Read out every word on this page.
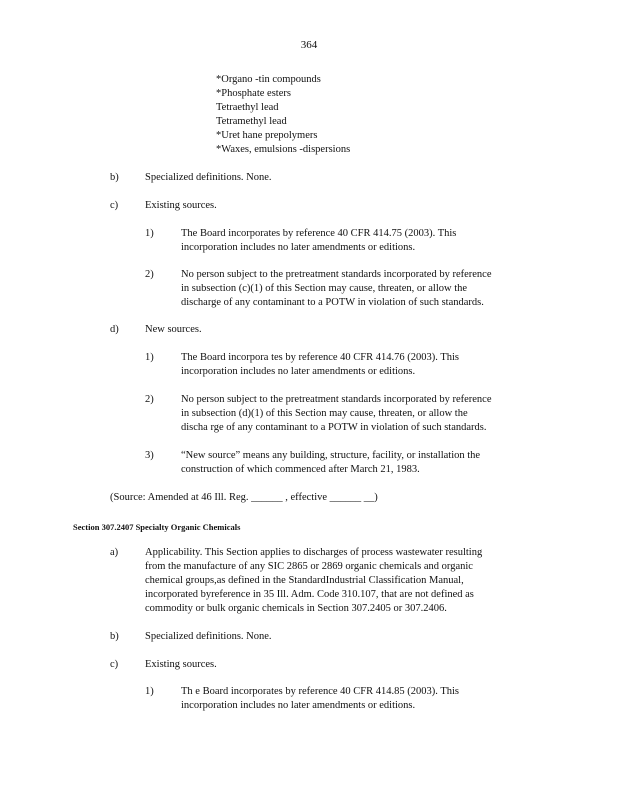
364
*Organo -tin compounds
*Phosphate esters
Tetraethyl lead
Tetramethyl lead
*Uret hane prepolymers
*Waxes, emulsions -dispersions
b)	Specialized definitions. None.
c)	Existing sources.
1)	The Board incorporates by reference 40 CFR 414.75 (2003). This
incorporation includes no later amendments or editions.
2)	No person subject to the pretreatment standards incorporated by reference
in subsection (c)(1) of this Section may cause, threaten, or allow the
discharge of any contaminant to a POTW in violation of such standards.
d)	New sources.
1)	The Board incorpora tes by reference 40 CFR 414.76 (2003). This
incorporation includes no later amendments or editions.
2)	No person subject to the pretreatment standards incorporated by reference
in subsection (d)(1) of this Section may cause, threaten, or allow the
discha rge of any contaminant to a POTW in violation of such standards.
3)	“New source” means any building, structure, facility, or installation the
construction of which commenced after March 21, 1983.
(Source: Amended at 46 Ill. Reg. ______ , effective ______ __)
Section 307.2407 Specialty Organic Chemicals
a)	Applicability. This Section applies to discharges of process wastewater resulting
from the manufacture of any SIC 2865 or 2869 organic chemicals and organic
chemical groups,as defined in the StandardIndustrial Classification Manual,
incorporated byreference in 35 Ill. Adm. Code 310.107, that are not defined as
commodity or bulk organic chemicals in Section 307.2405 or 307.2406.
b)	Specialized definitions. None.
c)	Existing sources.
1)	Th e Board incorporates by reference 40 CFR 414.85 (2003). This
incorporation includes no later amendments or editions.
